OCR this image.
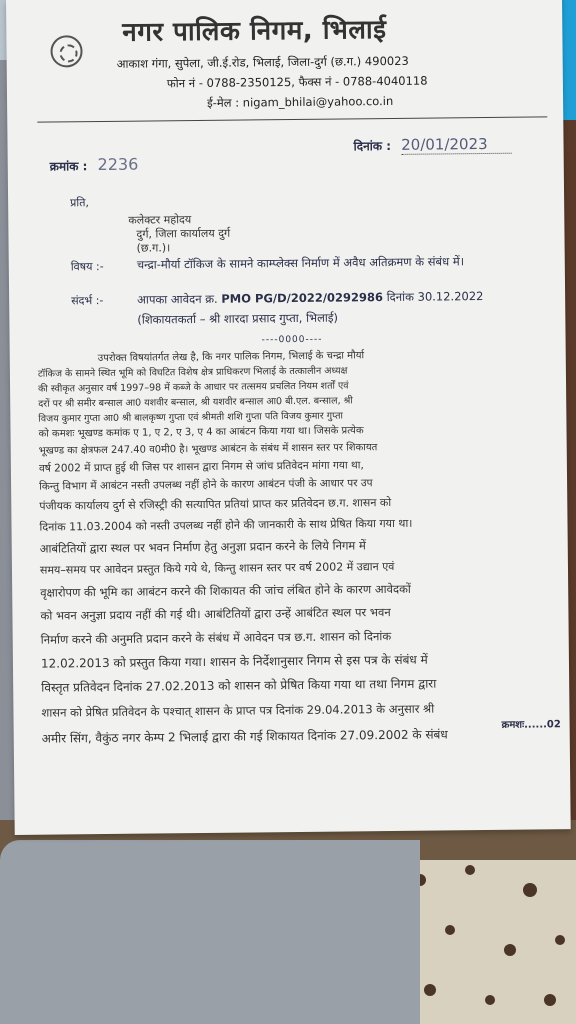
नगर पालिक निगम, भिलाई
आकाश गंगा, सुपेला, जी.ई.रोड, भिलाई, जिला-दुर्ग (छ.ग.) 490023
फोन नं - 0788-2350125, फैक्स नं - 0788-4040118
ई-मेल : nigam_bhilai@yahoo.co.in
क्रमांक : 2236
दिनांक : 20/01/2023
प्रति,
कलेक्टर महोदय
दुर्ग, जिला कार्यालय दुर्ग
(छ.ग.)।
विषय :-	चन्द्रा-मौर्या टॉकिज के सामने काम्प्लेक्स निर्माण में अवैध अतिक्रमण के संबंध में।
संदर्भ :-	आपका आवेदन क्र. PMO PG/D/2022/0292986 दिनांक 30.12.2022
(शिकायतकर्ता – श्री शारदा प्रसाद गुप्ता, भिलाई)
----0000----
उपरोक्त विषयांतर्गत लेख है, कि नगर पालिक निगम, भिलाई के चन्द्रा मौर्या
टॉकिज के सामने स्थित भूमि को विघटित विशेष क्षेत्र प्राधिकरण भिलाई के तत्कालीन अध्यक्ष
की स्वीकृत अनुसार वर्ष 1997–98 में कब्जे के आधार पर तत्समय प्रचलित नियम शर्तों एवं
दरों पर श्री समीर बन्साल आ0 यशवीर बन्साल, श्री यशवीर बन्साल आ0 बी.एल. बन्साल, श्री
विजय कुमार गुप्ता आ0 श्री बालकृष्ण गुप्ता एवं श्रीमती शशि गुप्ता पति विजय कुमार गुप्ता
को कमशः भूखण्ड कमांक ए 1, ए 2, ए 3, ए 4 का आबंटन किया गया था। जिसके प्रत्येक
भूखण्ड का क्षेत्रफल 247.40 व0मी0 है। भूखण्ड आबंटन के संबंध में शासन स्तर पर शिकायत
वर्ष 2002 में प्राप्त हुई थी जिस पर शासन द्वारा निगम से जांच प्रतिवेदन मांगा गया था,
किन्तु विभाग में आबंटन नस्ती उपलब्ध नहीं होने के कारण आबंटन पंजी के आधार पर उप
पंजीयक कार्यालय दुर्ग से रजिस्ट्री की सत्यापित प्रतियां प्राप्त कर प्रतिवेदन छ.ग. शासन को
दिनांक 11.03.2004 को नस्ती उपलब्ध नहीं होने की जानकारी के साथ प्रेषित किया गया था।
आबंटितियों द्वारा स्थल पर भवन निर्माण हेतु अनुज्ञा प्रदान करने के लिये निगम में
समय–समय पर आवेदन प्रस्तुत किये गये थे, किन्तु शासन स्तर पर वर्ष 2002 में उद्यान एवं
वृक्षारोपण की भूमि का आबंटन करने की शिकायत की जांच लंबित होने के कारण आवेदकों
को भवन अनुज्ञा प्रदाय नहीं की गई थी। आबंटितियों द्वारा उन्हें आबंटित स्थल पर भवन
निर्माण करने की अनुमति प्रदान करने के संबंध में आवेदन पत्र छ.ग. शासन को दिनांक
12.02.2013 को प्रस्तुत किया गया। शासन के निर्देशानुसार निगम से इस पत्र के संबंध में
विस्तृत प्रतिवेदन दिनांक 27.02.2013 को शासन को प्रेषित किया गया था तथा निगम द्वारा
शासन को प्रेषित प्रतिवेदन के पश्चात् शासन के प्राप्त पत्र दिनांक 29.04.2013 के अनुसार श्री
अमीर सिंग, वैकुंठ नगर केम्प 2 भिलाई द्वारा की गई शिकायत दिनांक 27.09.2002 के संबंध
क्रमशः......02
